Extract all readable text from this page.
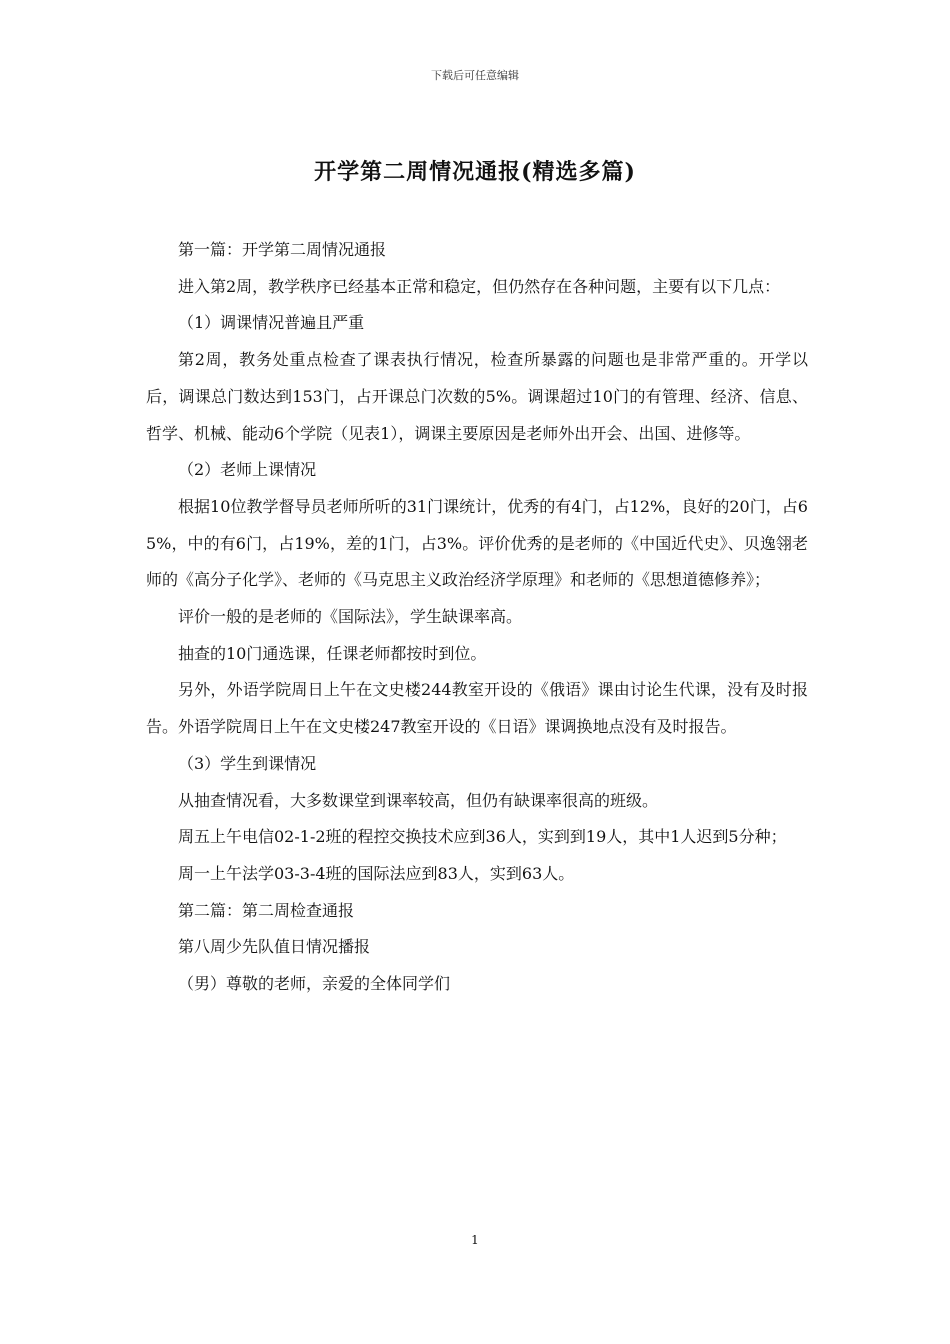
下载后可任意编辑
开学第二周情况通报(精选多篇)

第一篇：开学第二周情况通报

进入第2周，教学秩序已经基本正常和稳定，但仍然存在各种问题，主要有以下几点：

（1）调课情况普遍且严重

第2周，教务处重点检查了课表执行情况，检查所暴露的问题也是非常严重的。开学以后，调课总门数达到153门，占开课总门次数的5%。调课超过10门的有管理、经济、信息、哲学、机械、能动6个学院（见表1），调课主要原因是老师外出开会、出国、进修等。

（2）老师上课情况

根据10位教学督导员老师所听的31门课统计，优秀的有4门，占12%，良好的20门，占65%，中的有6门，占19%，差的1门，占3%。评价优秀的是老师的《中国近代史》、贝逸翎老师的《高分子化学》、老师的《马克思主义政治经济学原理》和老师的《思想道德修养》；

评价一般的是老师的《国际法》，学生缺课率高。

抽查的10门通选课，任课老师都按时到位。

另外，外语学院周日上午在文史楼244教室开设的《俄语》课由讨论生代课，没有及时报告。外语学院周日上午在文史楼247教室开设的《日语》课调换地点没有及时报告。

（3）学生到课情况

从抽查情况看，大多数课堂到课率较高，但仍有缺课率很高的班级。

周五上午电信02-1-2班的程控交换技术应到36人，实到到19人，其中1人迟到5分种；

周一上午法学03-3-4班的国际法应到83人，实到63人。

第二篇：第二周检查通报

第八周少先队值日情况播报

（男）尊敬的老师，亲爱的全体同学们

1
